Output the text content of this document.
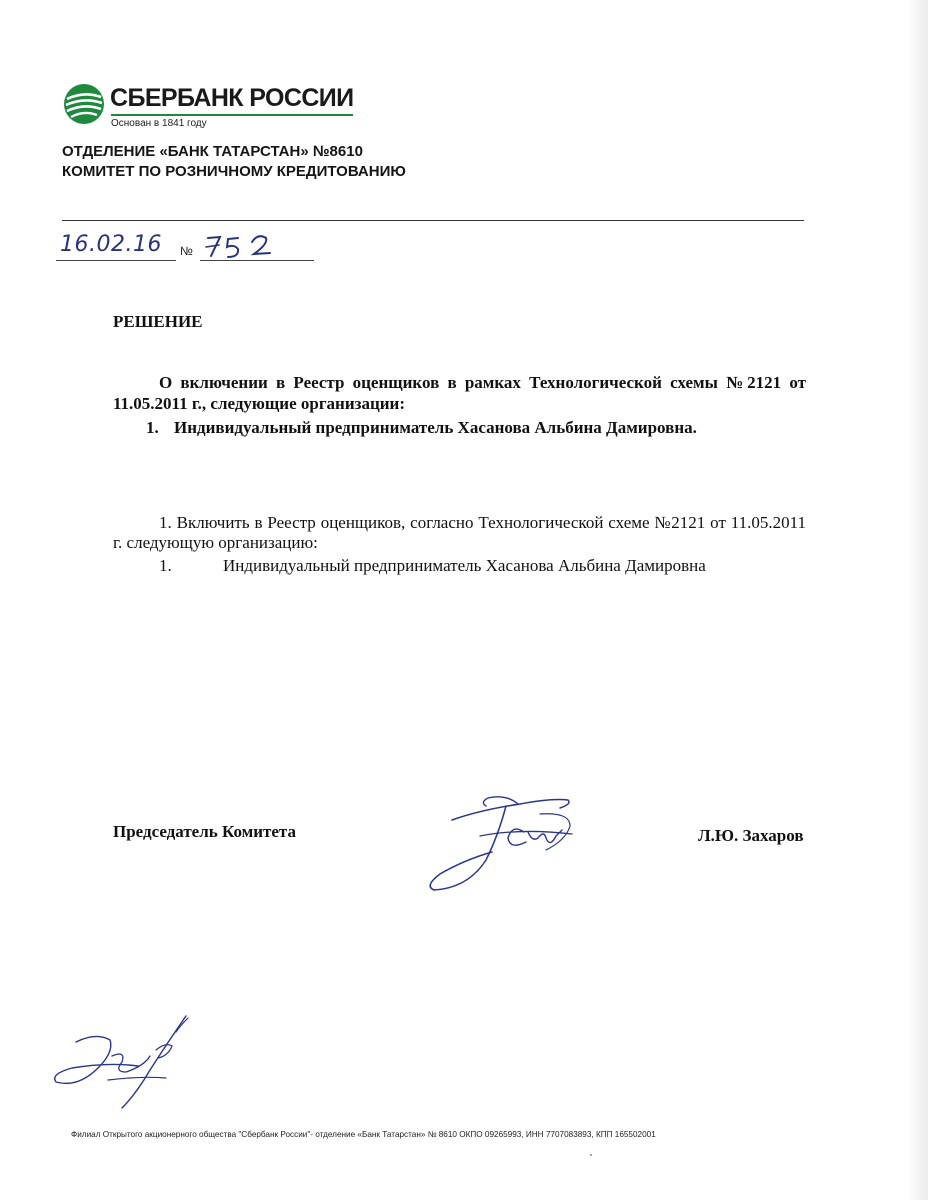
СБЕРБАНК РОССИИ
Основан в 1841 году
ОТДЕЛЕНИЕ «БАНК ТАТАРСТАН» №8610
КОМИТЕТ ПО РОЗНИЧНОМУ КРЕДИТОВАНИЮ
16.02.16 №
РЕШЕНИЕ
О включении в Реестр оценщиков в рамках Технологической схемы №2121 от 11.05.2011 г., следующие организации:
1. Индивидуальный предприниматель Хасанова Альбина Дамировна.
1. Включить в Реестр оценщиков, согласно Технологической схеме №2121 от 11.05.2011 г. следующую организацию:
1.	Индивидуальный предприниматель Хасанова Альбина Дамировна
Председатель Комитета	Л.Ю. Захаров
Филиал Открытого акционерного общества "Сбербанк России"- отделение «Банк Татарстан» № 8610 ОКПО 09265993, ИНН 7707083893, КПП 165502001
